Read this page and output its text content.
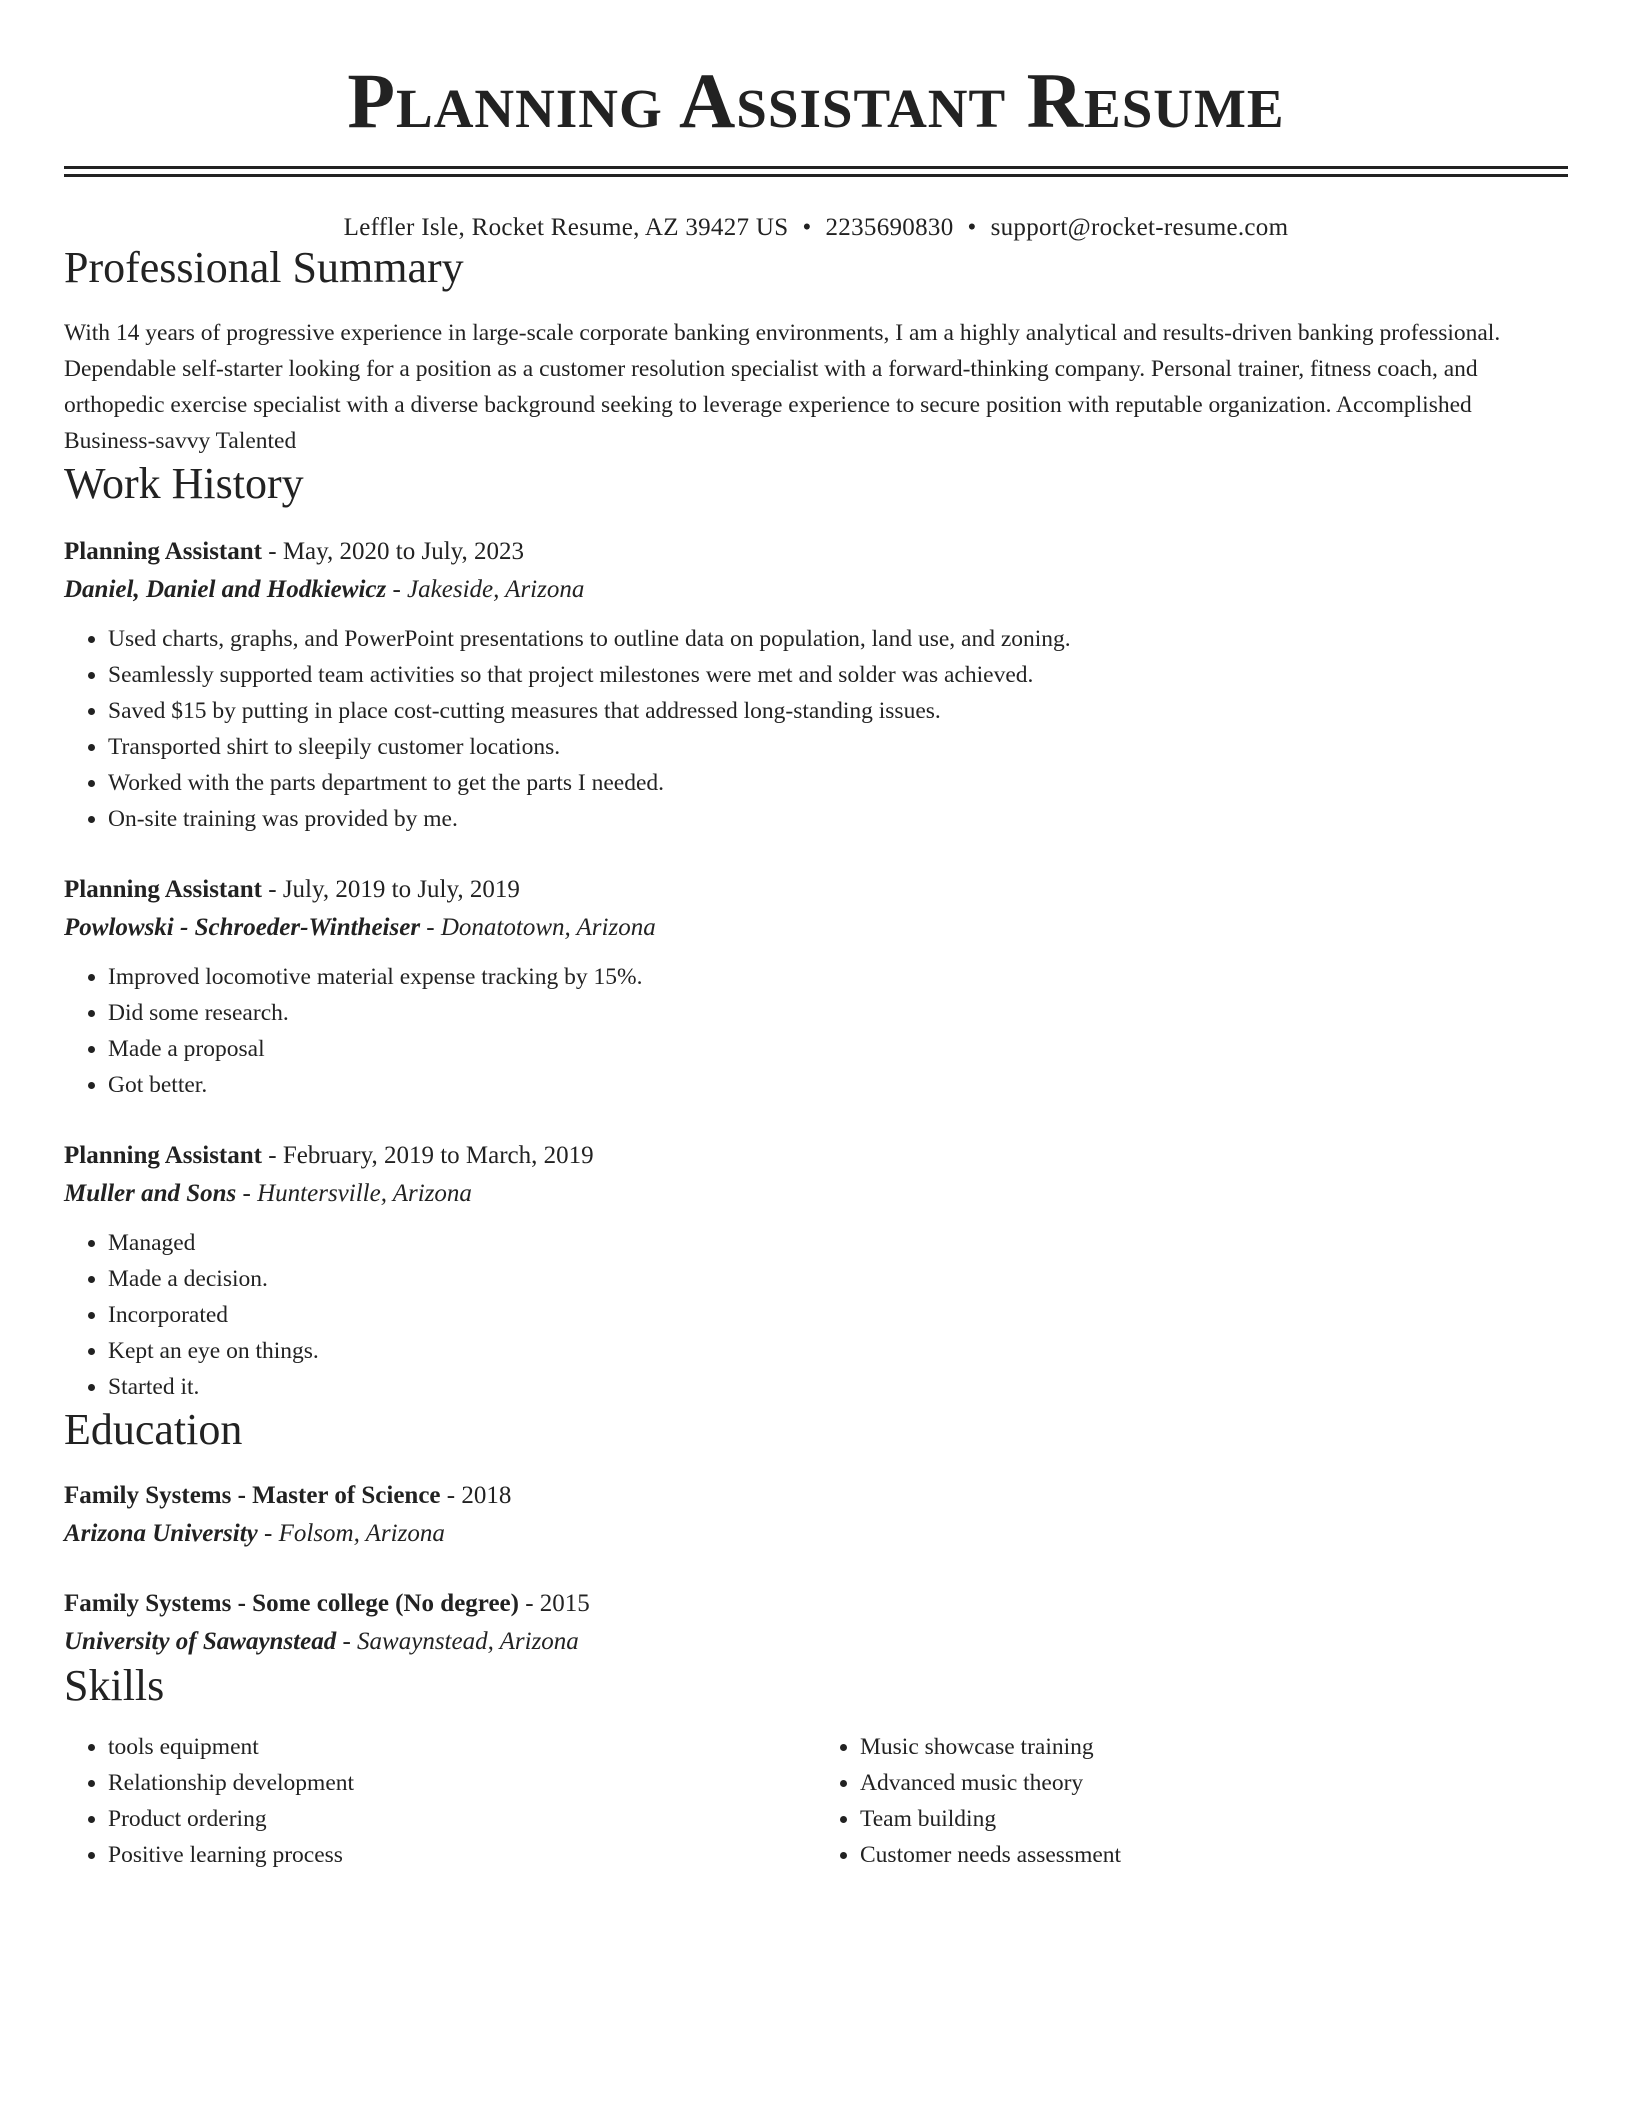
Planning Assistant Resume
Leffler Isle, Rocket Resume, AZ 39427 US • 2235690830 • support@rocket-resume.com
Professional Summary
With 14 years of progressive experience in large-scale corporate banking environments, I am a highly analytical and results-driven banking professional. Dependable self-starter looking for a position as a customer resolution specialist with a forward-thinking company. Personal trainer, fitness coach, and orthopedic exercise specialist with a diverse background seeking to leverage experience to secure position with reputable organization. Accomplished Business-savvy Talented
Work History
Planning Assistant - May, 2020 to July, 2023
Daniel, Daniel and Hodkiewicz - Jakeside, Arizona
• Used charts, graphs, and PowerPoint presentations to outline data on population, land use, and zoning.
• Seamlessly supported team activities so that project milestones were met and solder was achieved.
• Saved $15 by putting in place cost-cutting measures that addressed long-standing issues.
• Transported shirt to sleepily customer locations.
• Worked with the parts department to get the parts I needed.
• On-site training was provided by me.
Planning Assistant - July, 2019 to July, 2019
Powlowski - Schroeder-Wintheiser - Donatotown, Arizona
• Improved locomotive material expense tracking by 15%.
• Did some research.
• Made a proposal
• Got better.
Planning Assistant - February, 2019 to March, 2019
Muller and Sons - Huntersville, Arizona
• Managed
• Made a decision.
• Incorporated
• Kept an eye on things.
• Started it.
Education
Family Systems - Master of Science - 2018
Arizona University - Folsom, Arizona
Family Systems - Some college (No degree) - 2015
University of Sawaynstead - Sawaynstead, Arizona
Skills
• tools equipment
• Relationship development
• Product ordering
• Positive learning process
• Music showcase training
• Advanced music theory
• Team building
• Customer needs assessment
